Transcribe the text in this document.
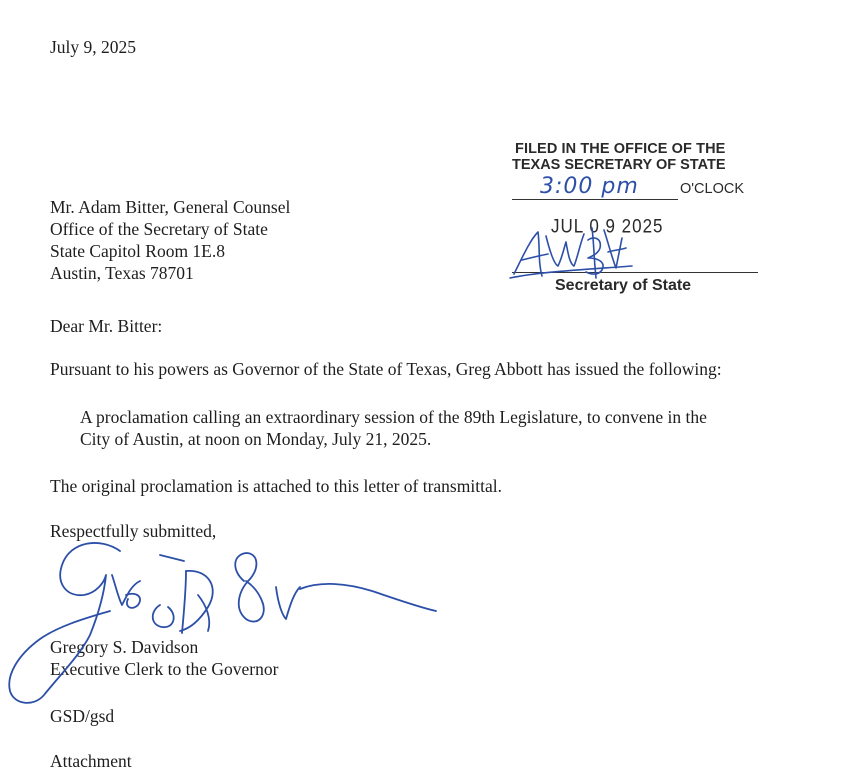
July 9, 2025
Mr. Adam Bitter, General Counsel
Office of the Secretary of State
State Capitol Room 1E.8
Austin, Texas 78701
FILED IN THE OFFICE OF THE
TEXAS SECRETARY OF STATE
3:00 pm	O'CLOCK
JUL 0 9 2025
Secretary of State
Dear Mr. Bitter:
Pursuant to his powers as Governor of the State of Texas, Greg Abbott has issued the following:
A proclamation calling an extraordinary session of the 89th Legislature, to convene in the
City of Austin, at noon on Monday, July 21, 2025.
The original proclamation is attached to this letter of transmittal.
Respectfully submitted,
Gregory S. Davidson
Executive Clerk to the Governor
GSD/gsd
Attachment
